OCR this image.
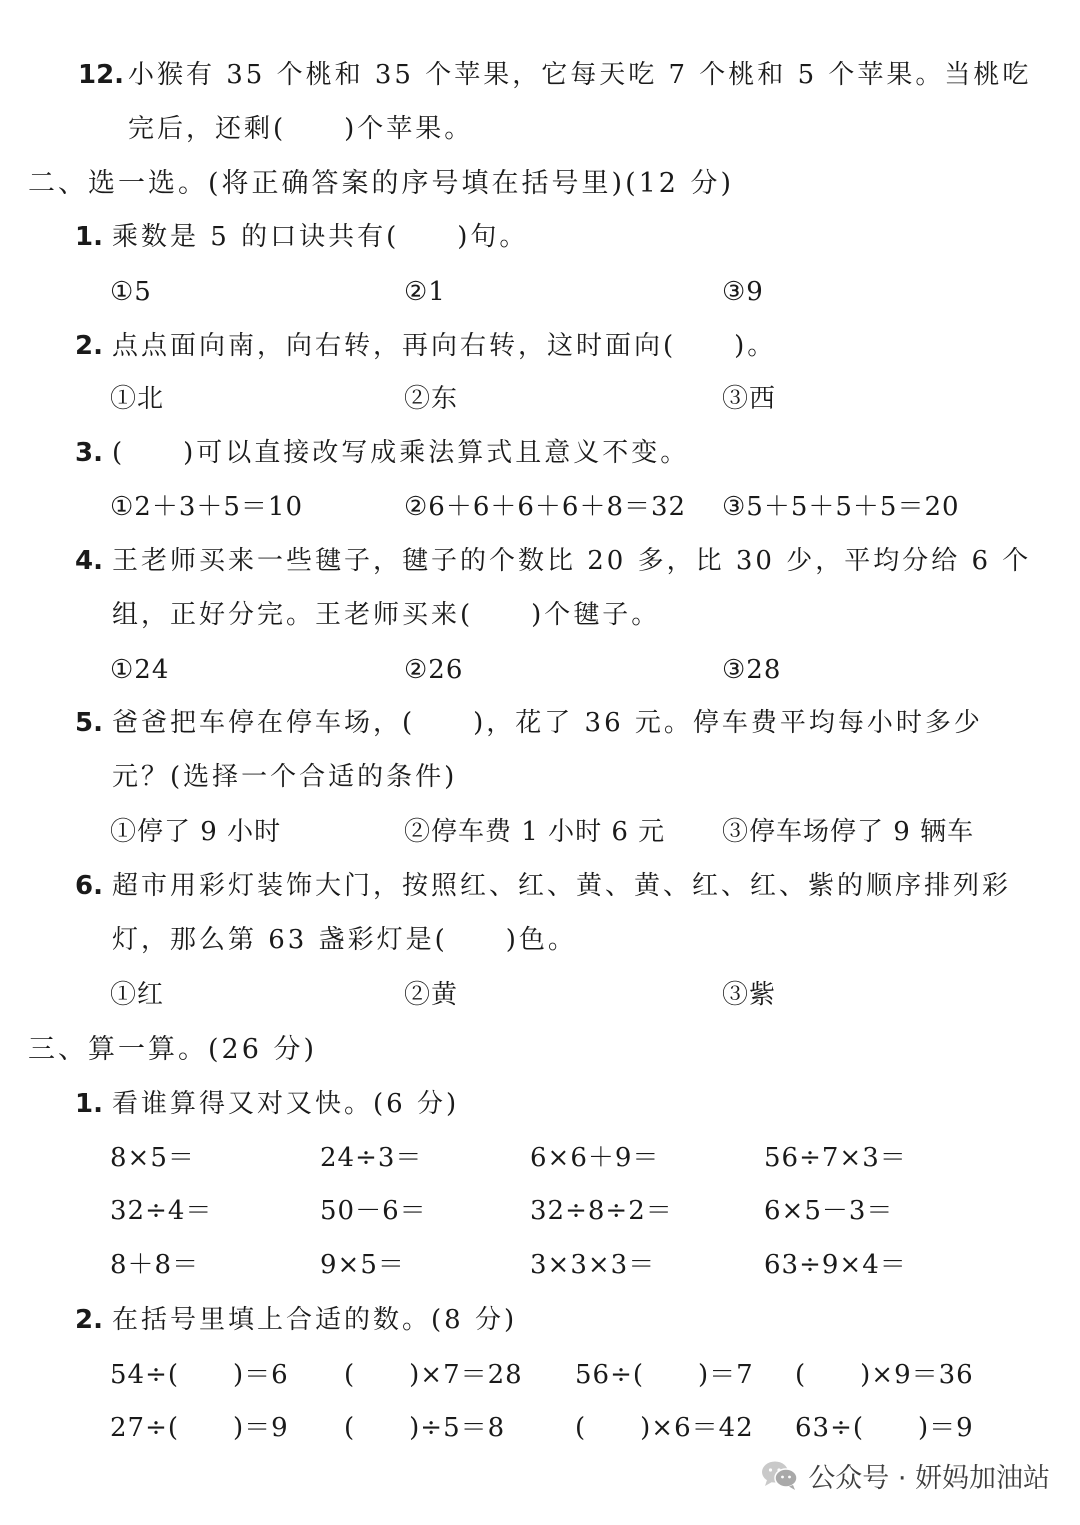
12. 小猴有 35 个桃和 35 个苹果，它每天吃 7 个桃和 5 个苹果。当桃吃
完后，还剩(　　)个苹果。
二、选一选。(将正确答案的序号填在括号里)(12 分)
1. 乘数是 5 的口诀共有(　　)句。
①5	②1	③9
2. 点点面向南，向右转，再向右转，这时面向(　　)。
①北	②东	③西
3. (　　)可以直接改写成乘法算式且意义不变。
①2＋3＋5＝10	②6＋6＋6＋6＋8＝32 ③5＋5＋5＋5＝20
4. 王老师买来一些毽子，毽子的个数比 20 多，比 30 少，平均分给 6 个
组，正好分完。王老师买来(　　)个毽子。
①24	②26	③28
5. 爸爸把车停在停车场，(　　)，花了 36 元。停车费平均每小时多少
元？(选择一个合适的条件)
①停了 9 小时	②停车费 1 小时 6 元 ③停车场停了 9 辆车
6. 超市用彩灯装饰大门，按照红、红、黄、黄、红、红、紫的顺序排列彩
灯，那么第 63 盏彩灯是(　　)色。
①红	②黄	③紫
三、算一算。(26 分)
1. 看谁算得又对又快。(6 分)
8×5＝	24÷3＝	6×6＋9＝	56÷7×3＝
32÷4＝	50－6＝	32÷8÷2＝	6×5－3＝
8＋8＝	9×5＝	3×3×3＝	63÷9×4＝
2. 在括号里填上合适的数。(8 分)
54÷(　　)＝6 (　　)×7＝28 56÷(　　)＝7 (　　)×9＝36
27÷(　　)＝9 (　　)÷5＝8	(　　)×6＝42 63÷(　　)＝9
公众号 · 妍妈加油站
